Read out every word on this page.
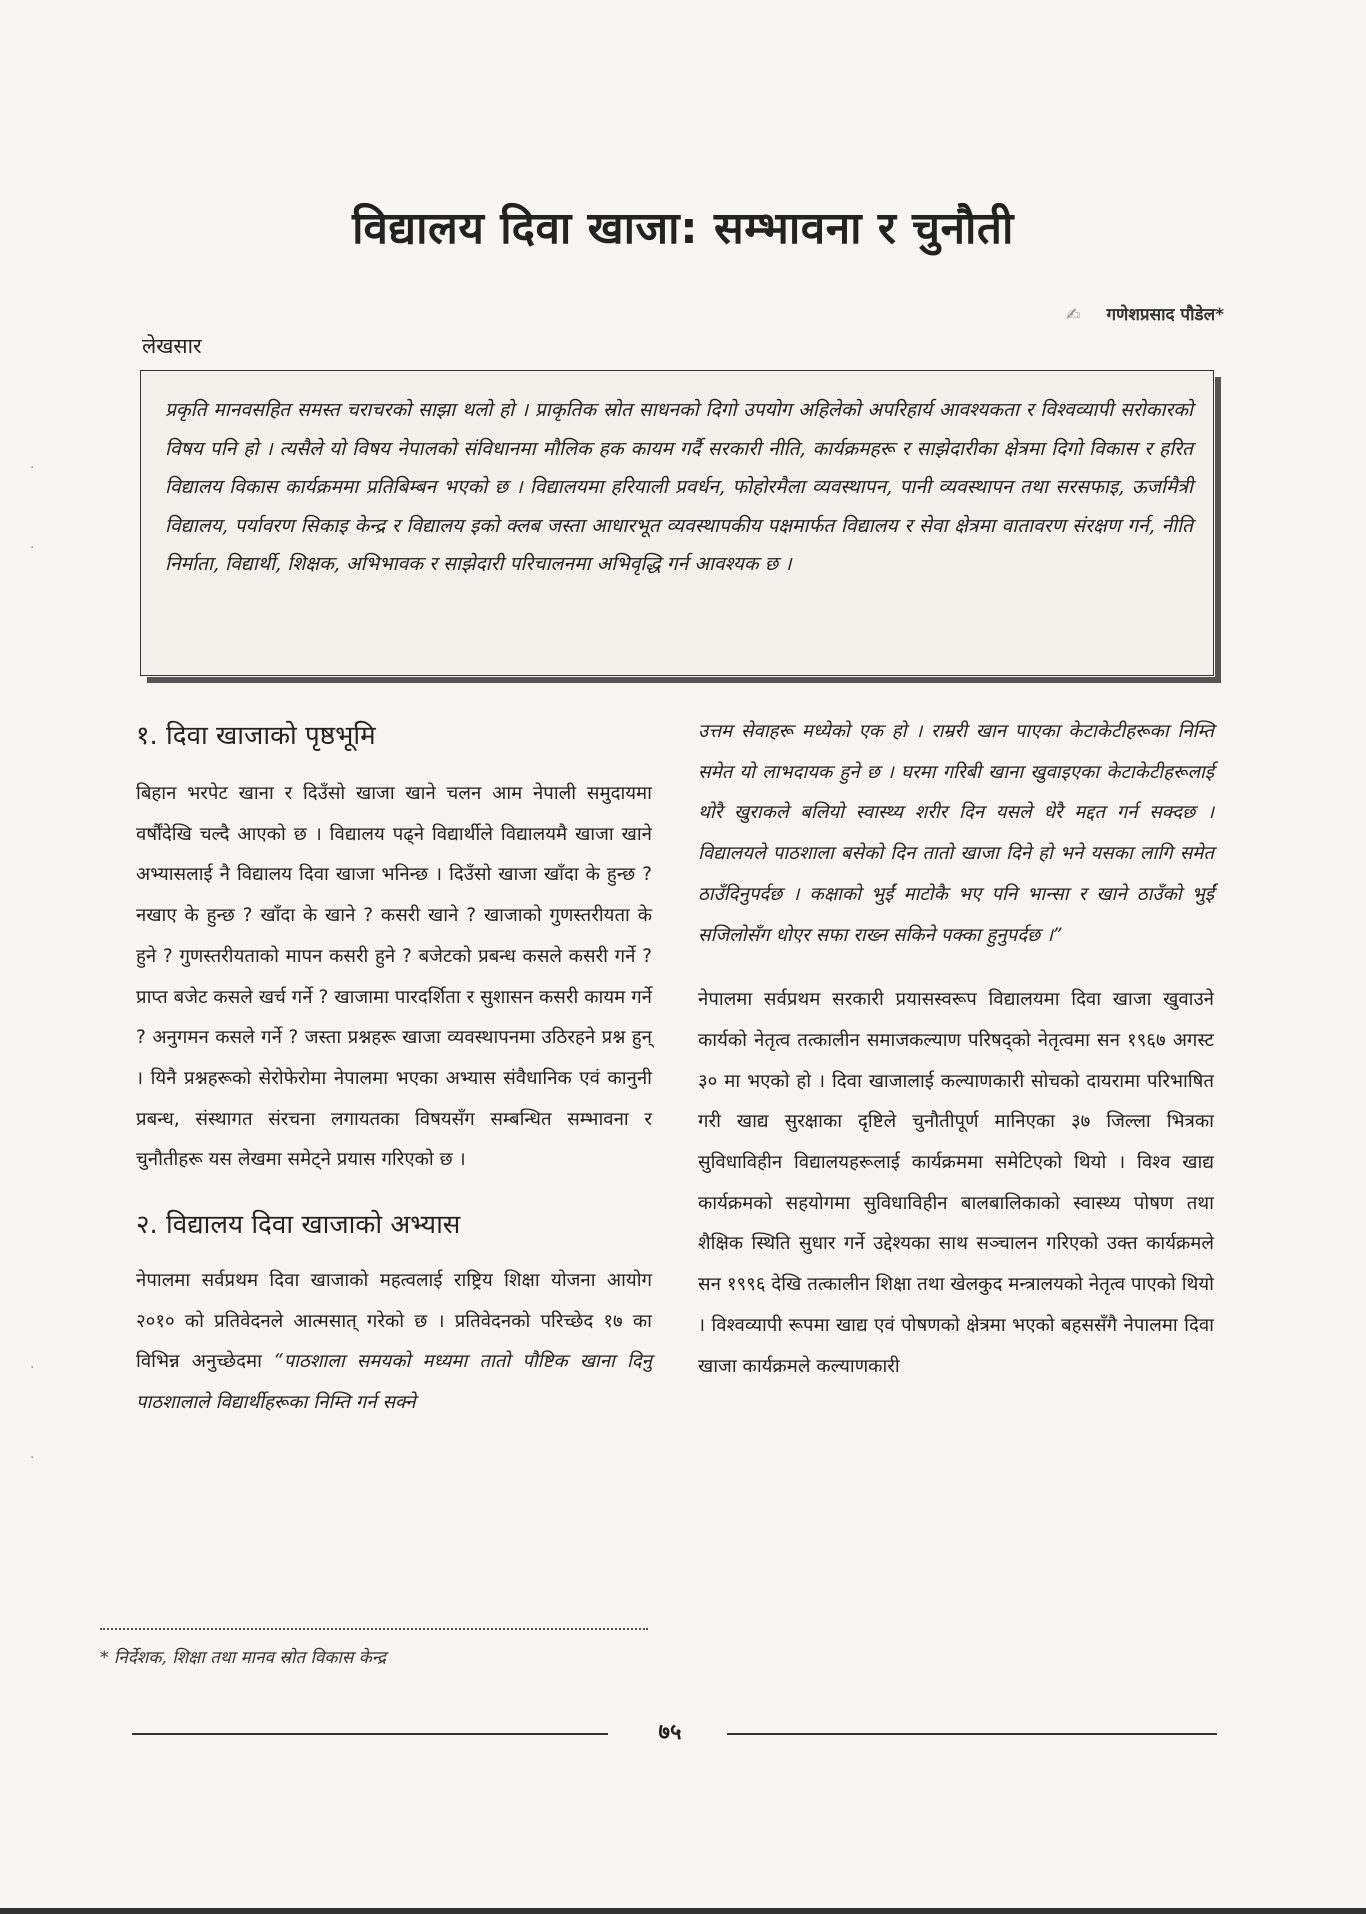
विद्यालय दिवा खाजा: सम्भावना र चुनौती
✍ गणेशप्रसाद पौडेल*
लेखसार

प्रकृति मानवसहित समस्त चराचरको साझा थलो हो । प्राकृतिक स्रोत साधनको दिगो उपयोग अहिलेको अपरिहार्य आवश्यकता र विश्वव्यापी सरोकारको विषय पनि हो । त्यसैले यो विषय नेपालको संविधानमा मौलिक हक कायम गर्दै सरकारी नीति, कार्यक्रमहरू र साझेदारीका क्षेत्रमा दिगो विकास र हरित विद्यालय विकास कार्यक्रममा प्रतिबिम्बन भएको छ । विद्यालयमा हरियाली प्रवर्धन, फोहोरमैला व्यवस्थापन, पानी व्यवस्थापन तथा सरसफाइ, ऊर्जामैत्री विद्यालय, पर्यावरण सिकाइ केन्द्र र विद्यालय इको क्लब जस्ता आधारभूत व्यवस्थापकीय पक्षमार्फत विद्यालय र सेवा क्षेत्रमा वातावरण संरक्षण गर्न, नीति निर्माता, विद्यार्थी, शिक्षक, अभिभावक र साझेदारी परिचालनमा अभिवृद्धि गर्न आवश्यक छ ।

१. दिवा खाजाको पृष्ठभूमि

बिहान भरपेट खाना र दिउँसो खाजा खाने चलन आम नेपाली समुदायमा वर्षौंदेखि चल्दै आएको छ । विद्यालय पढ्ने विद्यार्थीले विद्यालयमै खाजा खाने अभ्यासलाई नै विद्यालय दिवा खाजा भनिन्छ । दिउँसो खाजा खाँदा के हुन्छ ? नखाए के हुन्छ ? खाँदा के खाने ? कसरी खाने ? खाजाको गुणस्तरीयता के हुने ? गुणस्तरीयताको मापन कसरी हुने ? बजेटको प्रबन्ध कसले कसरी गर्ने ? प्राप्त बजेट कसले खर्च गर्ने ? खाजामा पारदर्शिता र सुशासन कसरी कायम गर्ने ? अनुगमन कसले गर्ने ? जस्ता प्रश्नहरू खाजा व्यवस्थापनमा उठिरहने प्रश्न हुन् । यिनै प्रश्नहरूको सेरोफेरोमा नेपालमा भएका अभ्यास संवैधानिक एवं कानुनी प्रबन्ध, संस्थागत संरचना लगायतका विषयसँग सम्बन्धित सम्भावना र चुनौतीहरू यस लेखमा समेट्ने प्रयास गरिएको छ ।

२. विद्यालय दिवा खाजाको अभ्यास

नेपालमा सर्वप्रथम दिवा खाजाको महत्वलाई राष्ट्रिय शिक्षा योजना आयोग २०१० को प्रतिवेदनले आत्मसात् गरेको छ । प्रतिवेदनको परिच्छेद १७ का विभिन्न अनुच्छेदमा “पाठशाला समयको मध्यमा तातो पौष्टिक खाना दिनु पाठशालाले विद्यार्थीहरूका निम्ति गर्न सक्ने

उत्तम सेवाहरू मध्येको एक हो । राम्ररी खान पाएका केटाकेटीहरूका निम्ति समेत यो लाभदायक हुने छ । घरमा गरिबी खाना खुवाइएका केटाकेटीहरूलाई थोरै खुराकले बलियो स्वास्थ्य शरीर दिन यसले धेरै मद्दत गर्न सक्दछ । विद्यालयले पाठशाला बसेको दिन तातो खाजा दिने हो भने यसका लागि समेत ठाउँदिनुपर्दछ । कक्षाको भुईं माटोकै भए पनि भान्सा र खाने ठाउँको भुईं सजिलोसँग धोएर सफा राख्न सकिने पक्का हुनुपर्दछ ।”

नेपालमा सर्वप्रथम सरकारी प्रयासस्वरूप विद्यालयमा दिवा खाजा खुवाउने कार्यको नेतृत्व तत्कालीन समाजकल्याण परिषद्को नेतृत्वमा सन १९६७ अगस्ट ३० मा भएको हो । दिवा खाजालाई कल्याणकारी सोचको दायरामा परिभाषित गरी खाद्य सुरक्षाका दृष्टिले चुनौतीपूर्ण मानिएका ३७ जिल्ला भित्रका सुविधाविहीन विद्यालयहरूलाई कार्यक्रममा समेटिएको थियो । विश्व खाद्य कार्यक्रमको सहयोगमा सुविधाविहीन बालबालिकाको स्वास्थ्य पोषण तथा शैक्षिक स्थिति सुधार गर्ने उद्देश्यका साथ सञ्चालन गरिएको उक्त कार्यक्रमले सन १९९६ देखि तत्कालीन शिक्षा तथा खेलकुद मन्त्रालयको नेतृत्व पाएको थियो । विश्वव्यापी रूपमा खाद्य एवं पोषणको क्षेत्रमा भएको बहससँगै नेपालमा दिवा खाजा कार्यक्रमले कल्याणकारी

* निर्देशक, शिक्षा तथा मानव स्रोत विकास केन्द्र
७५
·
·
·
·
